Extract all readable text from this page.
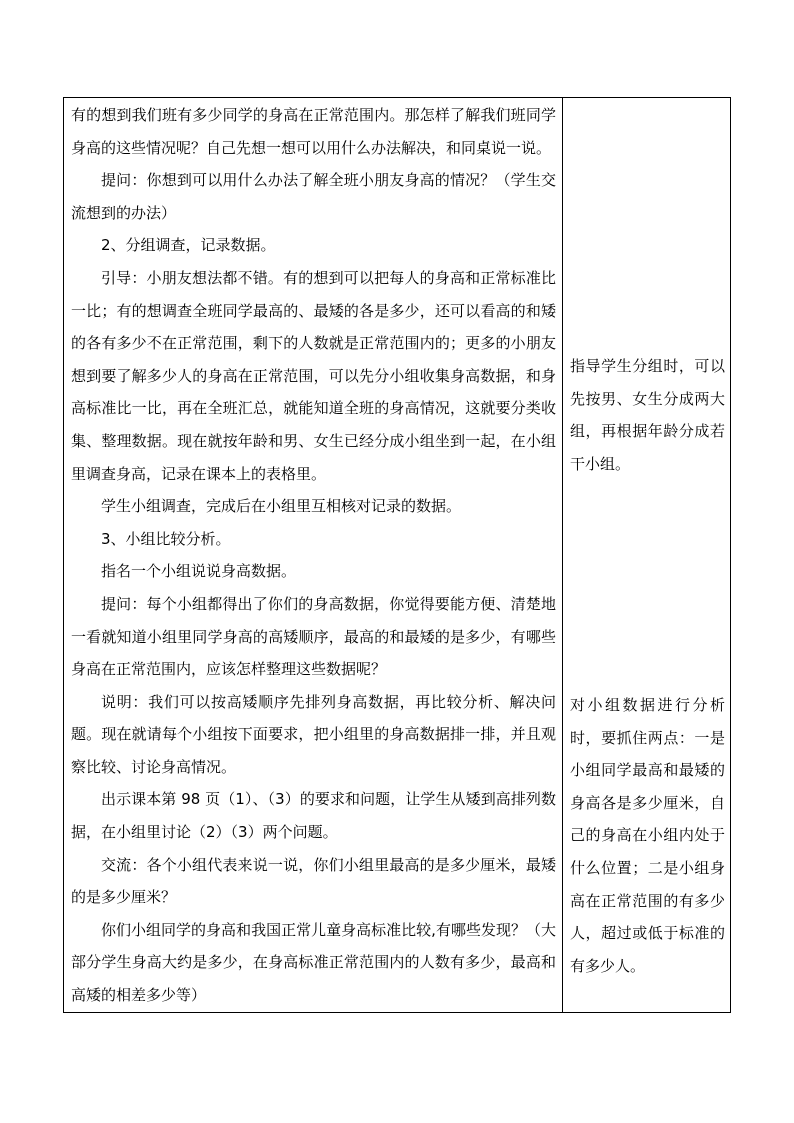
有的想到我们班有多少同学的身高在正常范围内。那怎样了解我们班同学身高的这些情况呢？自己先想一想可以用什么办法解决，和同桌说一说。

提问：你想到可以用什么办法了解全班小朋友身高的情况？（学生交流想到的办法）

2、分组调查，记录数据。

引导：小朋友想法都不错。有的想到可以把每人的身高和正常标准比一比；有的想调查全班同学最高的、最矮的各是多少，还可以看高的和矮的各有多少不在正常范围，剩下的人数就是正常范围内的；更多的小朋友想到要了解多少人的身高在正常范围，可以先分小组收集身高数据，和身高标准比一比，再在全班汇总，就能知道全班的身高情况，这就要分类收集、整理数据。现在就按年龄和男、女生已经分成小组坐到一起，在小组里调查身高，记录在课本上的表格里。

学生小组调查，完成后在小组里互相核对记录的数据。

3、小组比较分析。

指名一个小组说说身高数据。

提问：每个小组都得出了你们的身高数据，你觉得要能方便、清楚地一看就知道小组里同学身高的高矮顺序，最高的和最矮的是多少，有哪些身高在正常范围内，应该怎样整理这些数据呢？

说明：我们可以按高矮顺序先排列身高数据，再比较分析、解决问题。现在就请每个小组按下面要求，把小组里的身高数据排一排，并且观察比较、讨论身高情况。

出示课本第 98 页（1）、（3）的要求和问题，让学生从矮到高排列数据，在小组里讨论（2）（3）两个问题。

交流：各个小组代表来说一说，你们小组里最高的是多少厘米，最矮的是多少厘米？

你们小组同学的身高和我国正常儿童身高标准比较,有哪些发现？（大部分学生身高大约是多少，在身高标准正常范围内的人数有多少，最高和高矮的相差多少等）

指导学生分组时，可以先按男、女生分成两大组，再根据年龄分成若干小组。
对小组数据进行分析时，要抓住两点：一是小组同学最高和最矮的身高各是多少厘米，自己的身高在小组内处于什么位置；二是小组身高在正常范围的有多少人，超过或低于标准的有多少人。
